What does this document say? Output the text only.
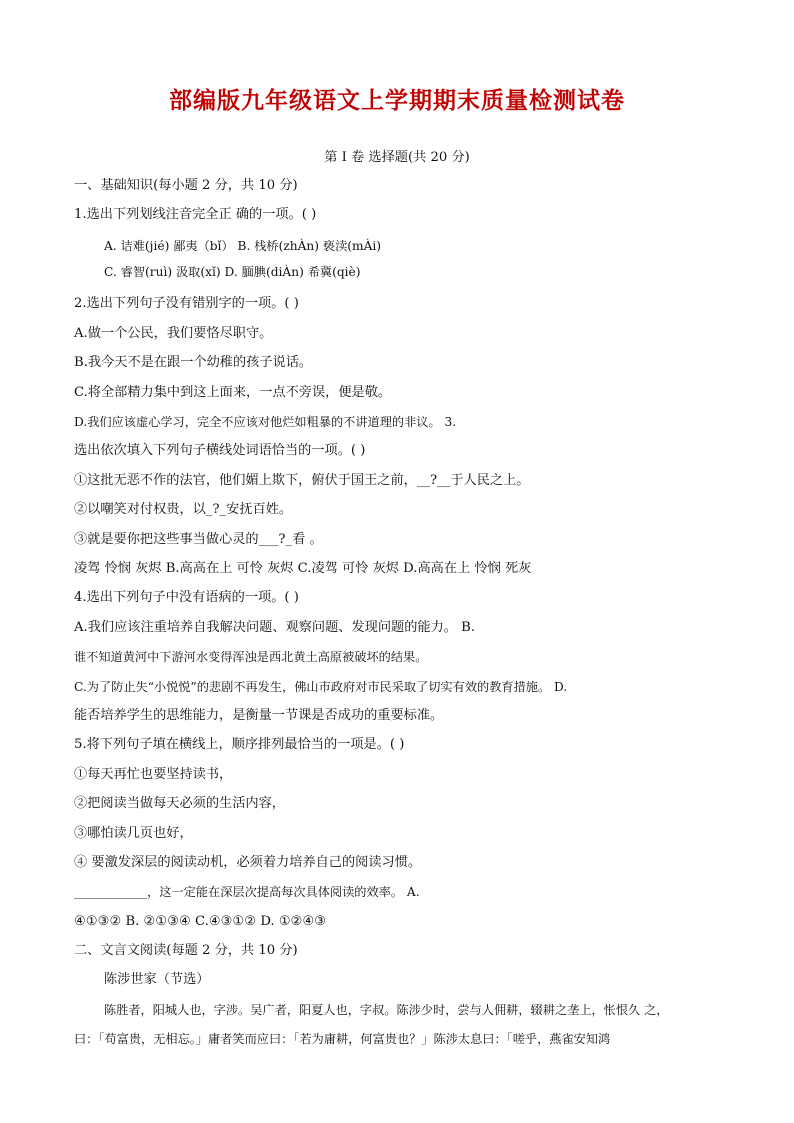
部编版九年级语文上学期期末质量检测试卷
第 I 卷 选择题(共 20 分)
一、基础知识(每小题 2 分，共 10 分)
1.选出下列划线注音完全正 确的一项。( )
A. 诘难(jié) 鄙夷（bǐ） B. 栈桥(zhÀn) 亵渎(mÀi)
C. 睿智(ruì) 汲取(xǐ) D. 腼腆(diÀn) 希冀(qiè)
2.选出下列句子没有错别字的一项。( )
A.做一个公民，我们要恪尽职守。
B.我今天不是在跟一个幼稚的孩子说话。
C.将全部精力集中到这上面来，一点不旁误，便是敬。
D.我们应该虚心学习，完全不应该对他烂如粗暴的不讲道理的非议。 3.
选出依次填入下列句子横线处词语恰当的一项。( )
①这批无恶不作的法官，他们媚上欺下，俯伏于国王之前，__?__于人民之上。
②以嘲笑对付权贵，以_?_安抚百姓。
③就是要你把这些事当做心灵的___?_看 。
凌驾 怜悯 灰烬 B.高高在上 可怜 灰烬 C.凌驾 可怜 灰烬 D.高高在上 怜悯 死灰
4.选出下列句子中没有语病的一项。( )
A.我们应该注重培养自我解决问题、观察问题、发现问题的能力。 B.
谁不知道黄河中下游河水变得浑浊是西北黄土高原被破坏的结果。
C.为了防止失“小悦悦”的悲剧不再发生，佛山市政府对市民采取了切实有效的教育措施。 D.
能否培养学生的思维能力，是衡量一节课是否成功的重要标准。
5.将下列句子填在横线上，顺序排列最恰当的一项是。( )
①每天再忙也要坚持读书，
②把阅读当做每天必须的生活内容，
③哪怕读几页也好，
④ 要激发深层的阅读动机，必须着力培养自己的阅读习惯。
____________，这一定能在深层次提高每次具体阅读的效率。 A.
④①③② B. ②①③④ C.④③①② D. ①②④③
二、文言文阅读(每题 2 分，共 10 分)
陈涉世家（节选）
陈胜者，阳城人也，字涉。吴广者，阳夏人也，字叔。陈涉少时，尝与人佣耕，辍耕之垄上，怅恨久 之，
曰：「苟富贵，无相忘。」庸者笑而应曰：「若为庸耕，何富贵也？」陈涉太息曰：「嗟乎，燕雀安知鸿
